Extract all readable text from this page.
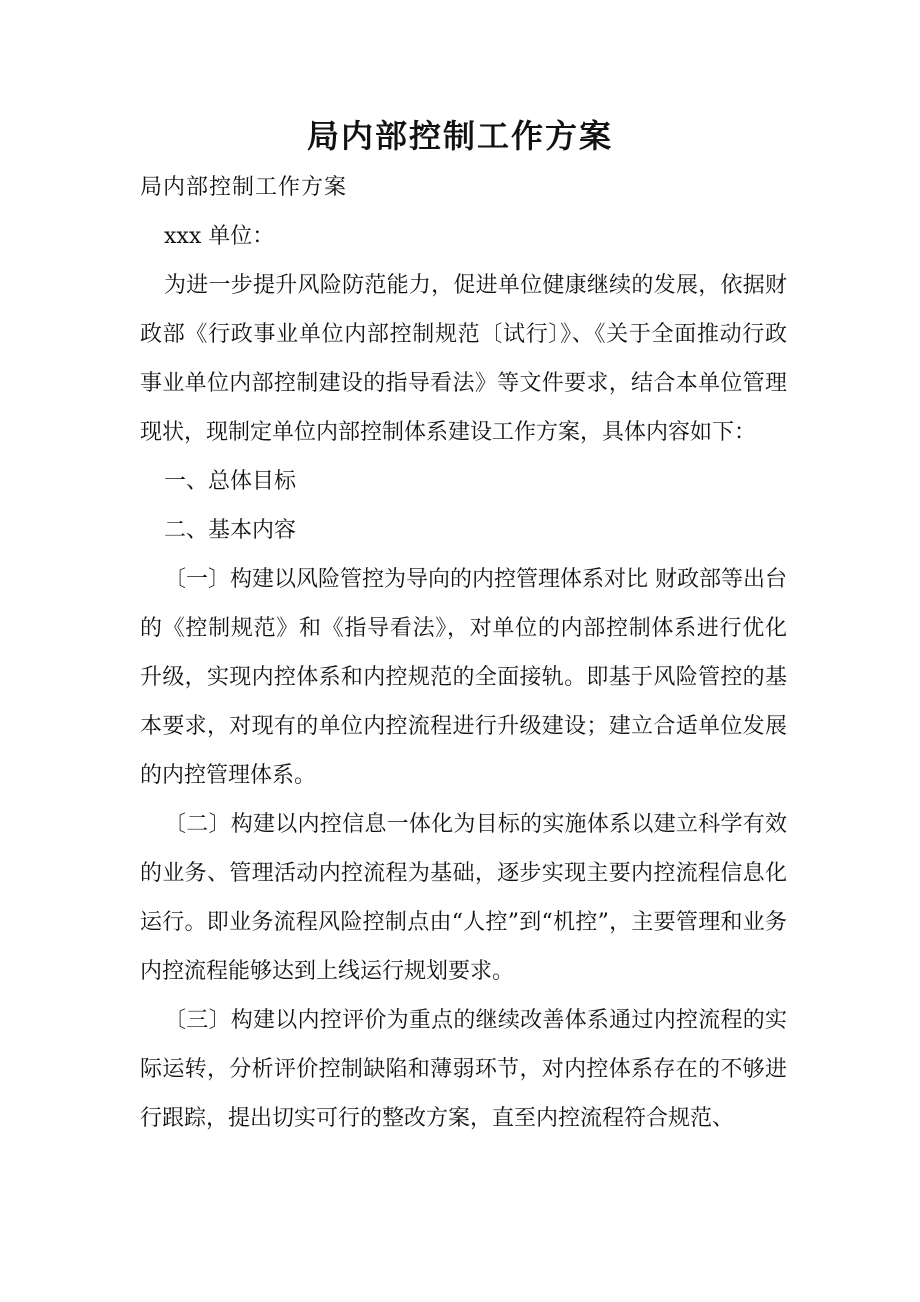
局内部控制工作方案

局内部控制工作方案

xxx 单位：

为进一步提升风险防范能力，促进单位健康继续的发展，依据财政部《行政事业单位内部控制规范〔试行〕》、《关于全面推动行政事业单位内部控制建设的指导看法》等文件要求，结合本单位管理现状，现制定单位内部控制体系建设工作方案，具体内容如下：

一、总体目标

二、基本内容

〔一〕构建以风险管控为导向的内控管理体系对比 财政部等出台的《控制规范》和《指导看法》，对单位的内部控制体系进行优化升级，实现内控体系和内控规范的全面接轨。即基于风险管控的基本要求，对现有的单位内控流程进行升级建设；建立合适单位发展的内控管理体系。

〔二〕构建以内控信息一体化为目标的实施体系以建立科学有效的业务、管理活动内控流程为基础，逐步实现主要内控流程信息化运行。即业务流程风险控制点由“人控”到“机控”，主要管理和业务内控流程能够达到上线运行规划要求。

〔三〕构建以内控评价为重点的继续改善体系通过内控流程的实际运转，分析评价控制缺陷和薄弱环节，对内控体系存在的不够进行跟踪，提出切实可行的整改方案，直至内控流程符合规范、
